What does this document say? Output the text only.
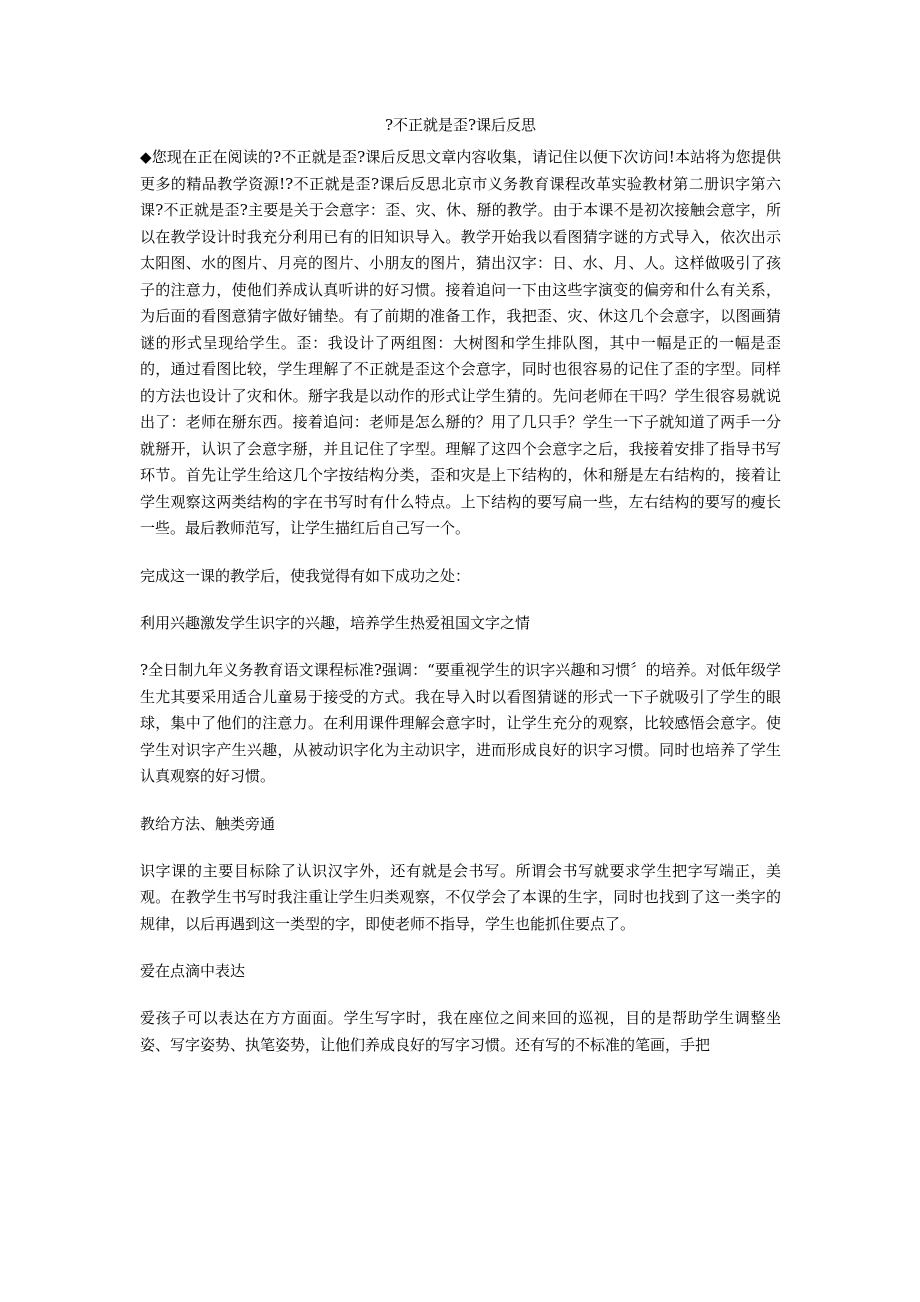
?不正就是歪?课后反思

◆您现在正在阅读的?不正就是歪?课后反思文章内容收集，请记住以便下次访问!本站将为您提供更多的精品教学资源!?不正就是歪?课后反思北京市义务教育课程改革实验教材第二册识字第六课?不正就是歪?主要是关于会意字：歪、灾、休、掰的教学。由于本课不是初次接触会意字，所以在教学设计时我充分利用已有的旧知识导入。教学开始我以看图猜字谜的方式导入，依次出示 太阳图、水的图片、月亮的图片、小朋友的图片，猜出汉字：日、水、月、人。这样做吸引了孩子的注意力，使他们养成认真听讲的好习惯。接着追问一下由这些字演变的偏旁和什么有关系，为后面的看图意猜字做好铺垫。有了前期的准备工作，我把歪、灾、休这几个会意字，以图画猜谜的形式呈现给学生。歪：我设计了两组图：大树图和学生排队图，其中一幅是正的一幅是歪的，通过看图比较，学生理解了不正就是歪这个会意字，同时也很容易的记住了歪的字型。同样的方法也设计了灾和休。掰字我是以动作的形式让学生猜的。先问老师在干吗？学生很容易就说出了：老师在掰东西。接着追问：老师是怎么掰的？用了几只手？学生一下子就知道了两手一分就掰开，认识了会意字掰，并且记住了字型。理解了这四个会意字之后，我接着安排了指导书写环节。首先让学生给这几个字按结构分类，歪和灾是上下结构的，休和掰是左右结构的，接着让学生观察这两类结构的字在书写时有什么特点。上下结构的要写扁一些，左右结构的要写的瘦长一些。最后教师范写，让学生描红后自己写一个。

完成这一课的教学后，使我觉得有如下成功之处：

利用兴趣激发学生识字的兴趣，培养学生热爱祖国文字之情

?全日制九年义务教育语文课程标准?强调：“要重视学生的识字兴趣和习惯〞的培养。对低年级学生尤其要采用适合儿童易于接受的方式。我在导入时以看图猜谜的形式一下子就吸引了学生的眼球，集中了他们的注意力。在利用课件理解会意字时，让学生充分的观察，比较感悟会意字。使学生对识字产生兴趣，从被动识字化为主动识字，进而形成良好的识字习惯。同时也培养了学生认真观察的好习惯。

教给方法、触类旁通

识字课的主要目标除了认识汉字外，还有就是会书写。所谓会书写就要求学生把字写端正，美观。在教学生书写时我注重让学生归类观察，不仅学会了本课的生字，同时也找到了这一类字的规律，以后再遇到这一类型的字，即使老师不指导，学生也能抓住要点了。

爱在点滴中表达

爱孩子可以表达在方方面面。学生写字时，我在座位之间来回的巡视，目的是帮助学生调整坐姿、写字姿势、执笔姿势，让他们养成良好的写字习惯。还有写的不标准的笔画，手把
